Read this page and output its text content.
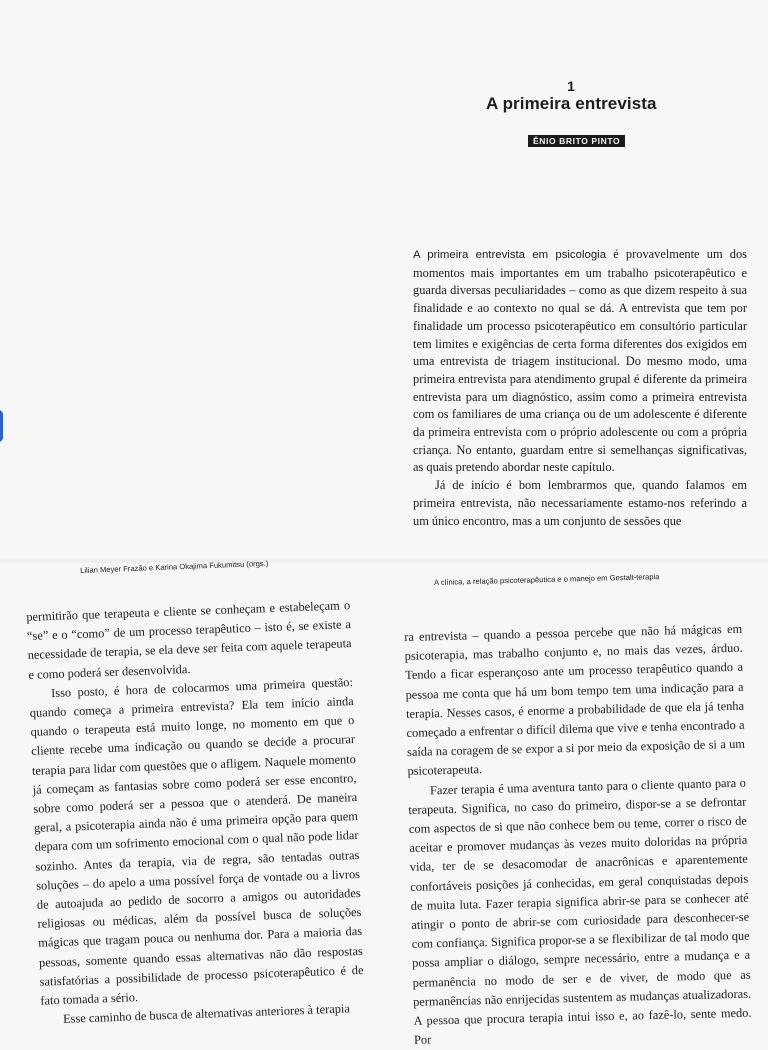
1
A primeira entrevista
ÊNIO BRITO PINTO

A primeira entrevista em psicologia é provavelmente um dos momentos mais importantes em um trabalho psicoterapêutico e guarda diversas peculiaridades – como as que dizem respeito à sua finalidade e ao contexto no qual se dá. A entrevista que tem por finalidade um processo psicoterapêutico em consultório particular tem limites e exigências de certa forma diferentes dos exigidos em uma entrevista de triagem institucional. Do mesmo modo, uma primeira entrevista para atendimento grupal é diferente da primeira entrevista para um diagnóstico, assim como a primeira entrevista com os familiares de uma criança ou de um adolescente é diferente da primeira entrevista com o próprio adolescente ou com a própria criança. No entanto, guardam entre si semelhanças significativas, as quais pretendo abordar neste capítulo.

Já de início é bom lembrarmos que, quando falamos em primeira entrevista, não necessariamente estamo-nos referindo a um único encontro, mas a um conjunto de sessões que

Lilian Meyer Frazão e Karina Okajima Fukumitsu (orgs.)
A clínica, a relação psicoterapêutica e o manejo em Gestalt-terapia

permitirão que terapeuta e cliente se conheçam e estabeleçam o “se” e o “como” de um processo terapêutico – isto é, se existe a necessidade de terapia, se ela deve ser feita com aquele terapeuta e como poderá ser desenvolvida.

Isso posto, é hora de colocarmos uma primeira questão: quando começa a primeira entrevista? Ela tem início ainda quando o terapeuta está muito longe, no momento em que o cliente recebe uma indicação ou quando se decide a procurar terapia para lidar com questões que o afligem. Naquele momento já começam as fantasias sobre como poderá ser esse encontro, sobre como poderá ser a pessoa que o atenderá. De maneira geral, a psicoterapia ainda não é uma primeira opção para quem depara com um sofrimento emocional com o qual não pode lidar sozinho. Antes da terapia, via de regra, são tentadas outras soluções – do apelo a uma possível força de vontade ou a livros de autoajuda ao pedido de socorro a amigos ou autoridades religiosas ou médicas, além da possível busca de soluções mágicas que tragam pouca ou nenhuma dor. Para a maioria das pessoas, somente quando essas alternativas não dão respostas satisfatórias a possibilidade de processo psicoterapêutico é de fato tomada a sério.

Esse caminho de busca de alternativas anteriores à terapia

ra entrevista – quando a pessoa percebe que não há mágicas em psicoterapia, mas trabalho conjunto e, no mais das vezes, árduo. Tendo a ficar esperançoso ante um processo terapêutico quando a pessoa me conta que há um bom tempo tem uma indicação para a terapia. Nesses casos, é enorme a probabilidade de que ela já tenha começado a enfrentar o difícil dilema que vive e tenha encontrado a saída na coragem de se expor a si por meio da exposição de si a um psicoterapeuta.

Fazer terapia é uma aventura tanto para o cliente quanto para o terapeuta. Significa, no caso do primeiro, dispor-se a se defrontar com aspectos de si que não conhece bem ou teme, correr o risco de aceitar e promover mudanças às vezes muito doloridas na própria vida, ter de se desacomodar de anacrônicas e aparentemente confortáveis posições já conhecidas, em geral conquistadas depois de muita luta. Fazer terapia significa abrir-se para se conhecer até atingir o ponto de abrir-se com curiosidade para desconhecer-se com confiança. Significa propor-se a se flexibilizar de tal modo que possa ampliar o diálogo, sempre necessário, entre a mudança e a permanência no modo de ser e de viver, de modo que as permanências não enrijecidas sustentem as mudanças atualizadoras. A pessoa que procura terapia intui isso e, ao fazê-lo, sente medo. Por
